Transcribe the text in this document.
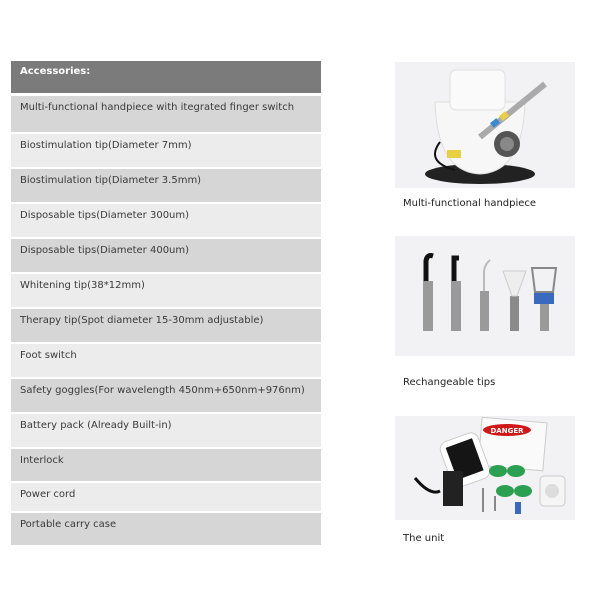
Accessories:
Multi-functional handpiece with itegrated finger switch
Biostimulation tip(Diameter 7mm)
Biostimulation tip(Diameter 3.5mm)
Disposable tips(Diameter 300um)
Disposable tips(Diameter 400um)
Whitening tip(38*12mm)
Therapy tip(Spot diameter 15-30mm adjustable)
Foot switch
Safety goggles(For wavelength 450nm+650nm+976nm)
Battery pack (Already Built-in)
Interlock
Power cord
Portable carry case
Multi-functional handpiece
Rechangeable tips
DANGER
The unit
